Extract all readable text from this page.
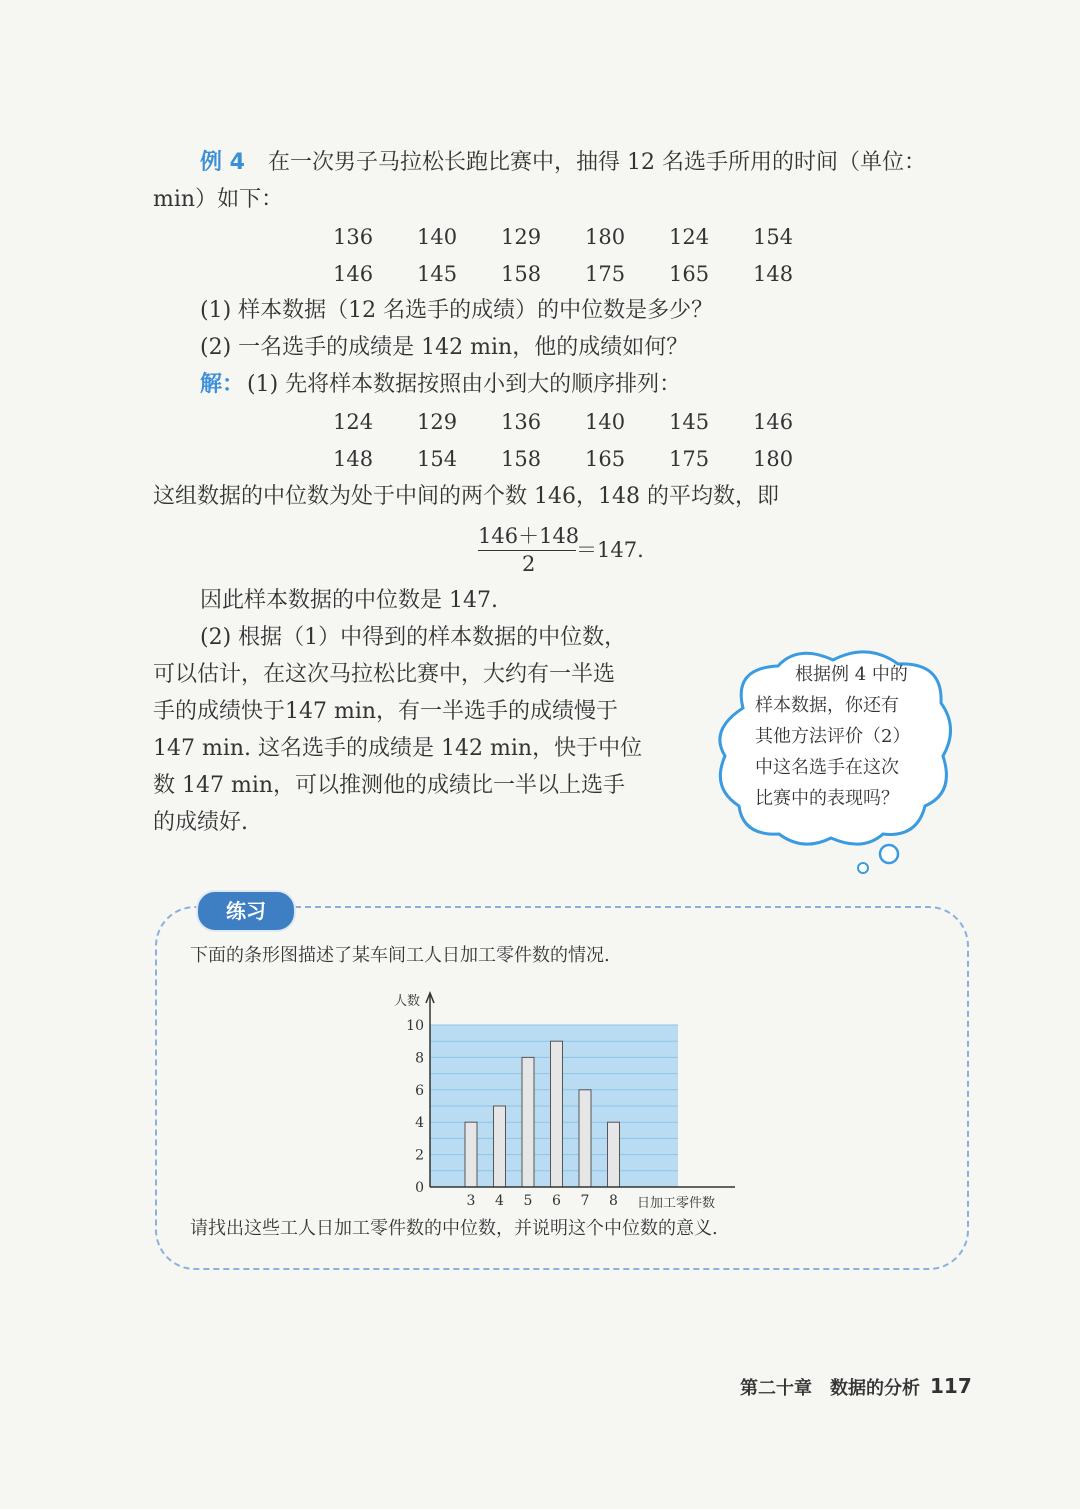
例 4 在一次男子马拉松长跑比赛中，抽得 12 名选手所用的时间（单位：
min）如下：
136 140 129 180 124 154
146 145 158 175 165 148
(1) 样本数据（12 名选手的成绩）的中位数是多少？
(2) 一名选手的成绩是 142 min，他的成绩如何？
解： (1) 先将样本数据按照由小到大的顺序排列：
124 129 136 140 145 146
148 154 158 165 175 180
这组数据的中位数为处于中间的两个数 146，148 的平均数，即
146＋148
2
＝147.
因此样本数据的中位数是 147.
(2) 根据（1）中得到的样本数据的中位数，
可以估计，在这次马拉松比赛中，大约有一半选
手的成绩快于147 min，有一半选手的成绩慢于
147 min. 这名选手的成绩是 142 min，快于中位
数 147 min，可以推测他的成绩比一半以上选手
的成绩好.
根据例 4 中的
样本数据，你还有
其他方法评价（2）
中这名选手在这次
比赛中的表现吗？
练习
下面的条形图描述了某车间工人日加工零件数的情况.
0
2
4
6
8
10
3 4 5 6 7 8
人数
日加工零件数
请找出这些工人日加工零件数的中位数，并说明这个中位数的意义.
第二十章 数据的分析 117
